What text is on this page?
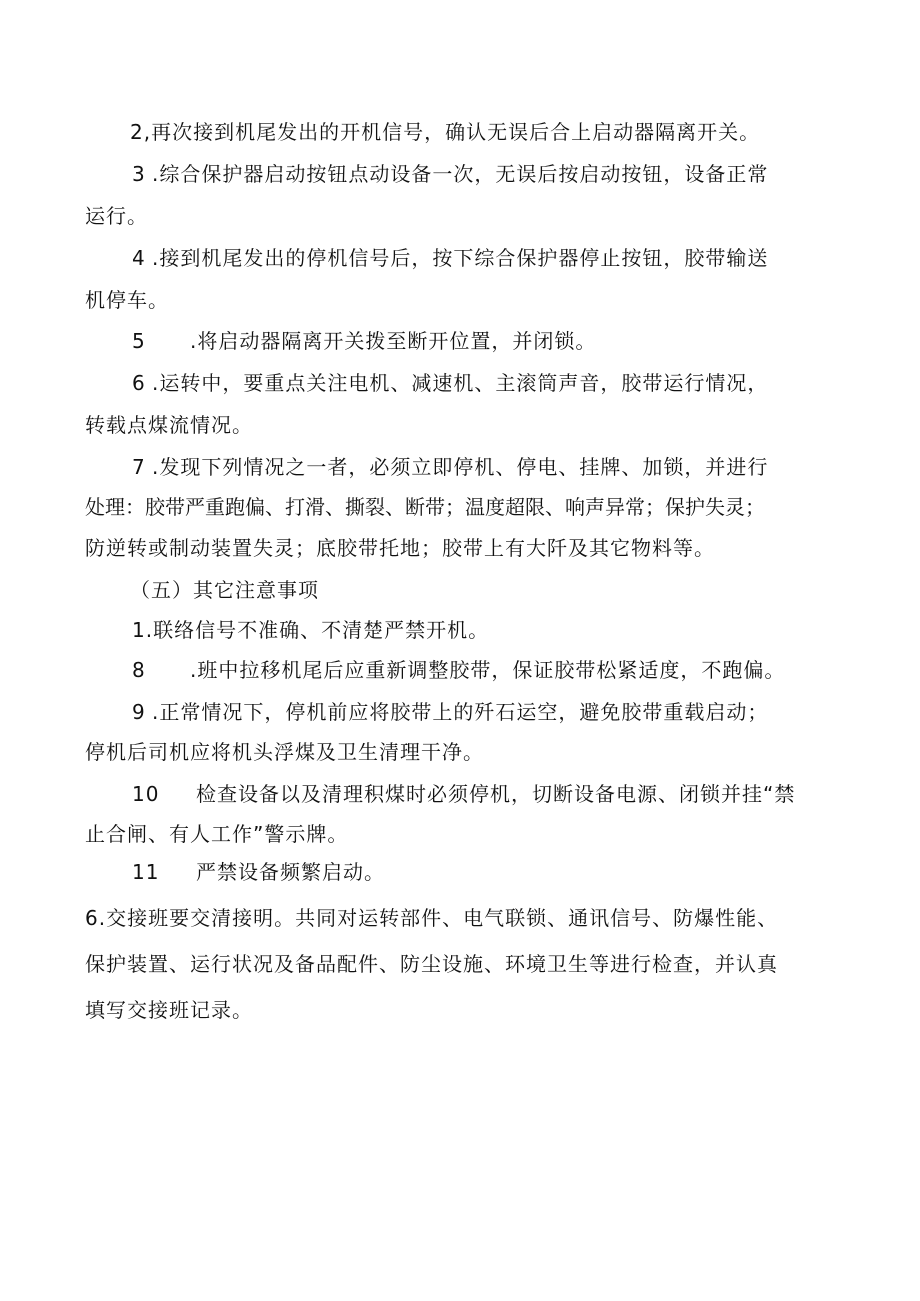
2,再次接到机尾发出的开机信号，确认无误后合上启动器隔离开关。
3 .综合保护器启动按钮点动设备一次，无误后按启动按钮，设备正常
运行。
4 .接到机尾发出的停机信号后，按下综合保护器停止按钮，胶带输送
机停车。
5 .将启动器隔离开关拨至断开位置，并闭锁。
6 .运转中，要重点关注电机、减速机、主滚筒声音，胶带运行情况，
转载点煤流情况。
7 .发现下列情况之一者，必须立即停机、停电、挂牌、加锁，并进行
处理：胶带严重跑偏、打滑、撕裂、断带；温度超限、响声异常；保护失灵；
防逆转或制动装置失灵；底胶带托地；胶带上有大阡及其它物料等。
（五）其它注意事项
1.联络信号不准确、不清楚严禁开机。
8 .班中拉移机尾后应重新调整胶带，保证胶带松紧适度，不跑偏。
9 .正常情况下，停机前应将胶带上的歼石运空，避免胶带重载启动；
停机后司机应将机头浮煤及卫生清理干净。
10 检查设备以及清理积煤时必须停机，切断设备电源、闭锁并挂“禁
止合闸、有人工作”警示牌。
11 严禁设备频繁启动。
6.交接班要交清接明。共同对运转部件、电气联锁、通讯信号、防爆性能、
保护装置、运行状况及备品配件、防尘设施、环境卫生等进行检查，并认真
填写交接班记录。
